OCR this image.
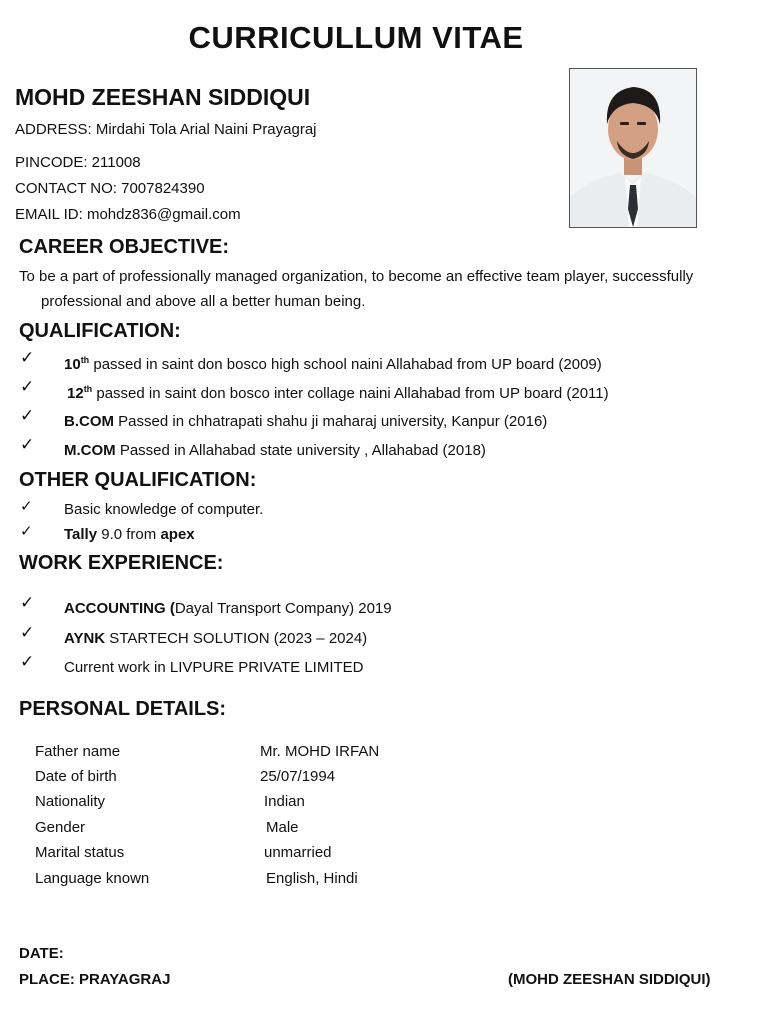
CURRICULLUM VITAE
MOHD ZEESHAN SIDDIQUI
ADDRESS: Mirdahi Tola Arial Naini Prayagraj
PINCODE: 211008
CONTACT NO: 7007824390
EMAIL ID: mohdz836@gmail.com
CAREER OBJECTIVE:
To be a part of professionally managed organization, to become an effective team player, successfully
professional and above all a better human being.
QUALIFICATION:
✓ 10th passed in saint don bosco high school naini Allahabad from UP board (2009)
✓ 12th passed in saint don bosco inter collage naini Allahabad from UP board (2011)
✓ B.COM Passed in chhatrapati shahu ji maharaj university, Kanpur (2016)
✓ M.COM Passed in Allahabad state university , Allahabad (2018)
OTHER QUALIFICATION:
✓ Basic knowledge of computer.
✓ Tally 9.0 from apex
WORK EXPERIENCE:
✓ ACCOUNTING (Dayal Transport Company) 2019
✓ AYNK STARTECH SOLUTION (2023 – 2024)
✓ Current work in LIVPURE PRIVATE LIMITED
PERSONAL DETAILS:
Father name	Mr. MOHD IRFAN
Date of birth	25/07/1994
Nationality	Indian
Gender	Male
Marital status	unmarried
Language known	English, Hindi
DATE:
PLACE: PRAYAGRAJ	(MOHD ZEESHAN SIDDIQUI)
